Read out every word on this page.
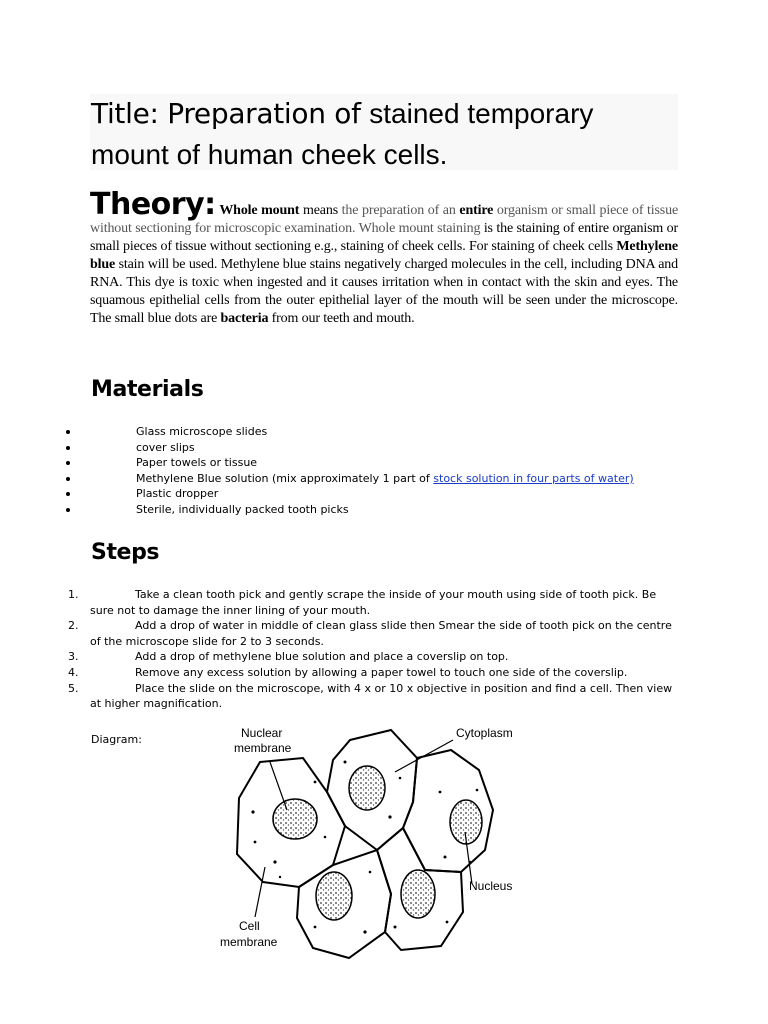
Title: Preparation of stained temporary
mount of human cheek cells.
Theory: Whole mount means the preparation of an entire organism or small piece of tissue without sectioning for microscopic examination. Whole mount staining is the staining of entire organism or small pieces of tissue without sectioning e.g., staining of cheek cells. For staining of cheek cells Methylene blue stain will be used. Methylene blue stains negatively charged molecules in the cell, including DNA and RNA. This dye is toxic when ingested and it causes irritation when in contact with the skin and eyes. The squamous epithelial cells from the outer epithelial layer of the mouth will be seen under the microscope. The small blue dots are bacteria from our teeth and mouth.
Materials
Glass microscope slides
cover slips
Paper towels or tissue
Methylene Blue solution (mix approximately 1 part of stock solution in four parts of water)
Plastic dropper
Sterile, individually packed tooth picks
Steps
1.	Take a clean tooth pick and gently scrape the inside of your mouth using side of tooth pick. Be sure not to damage the inner lining of your mouth.
2.	Add a drop of water in middle of clean glass slide then Smear the side of tooth pick on the centre of the microscope slide for 2 to 3 seconds.
3.	Add a drop of methylene blue solution and place a coverslip on top.
4.	Remove any excess solution by allowing a paper towel to touch one side of the coverslip.
5.	Place the slide on the microscope, with 4 x or 10 x objective in position and find a cell. Then view at higher magnification.
Diagram:	Nuclear
membrane
Cytoplasm
Nucleus
Cell
membrane
